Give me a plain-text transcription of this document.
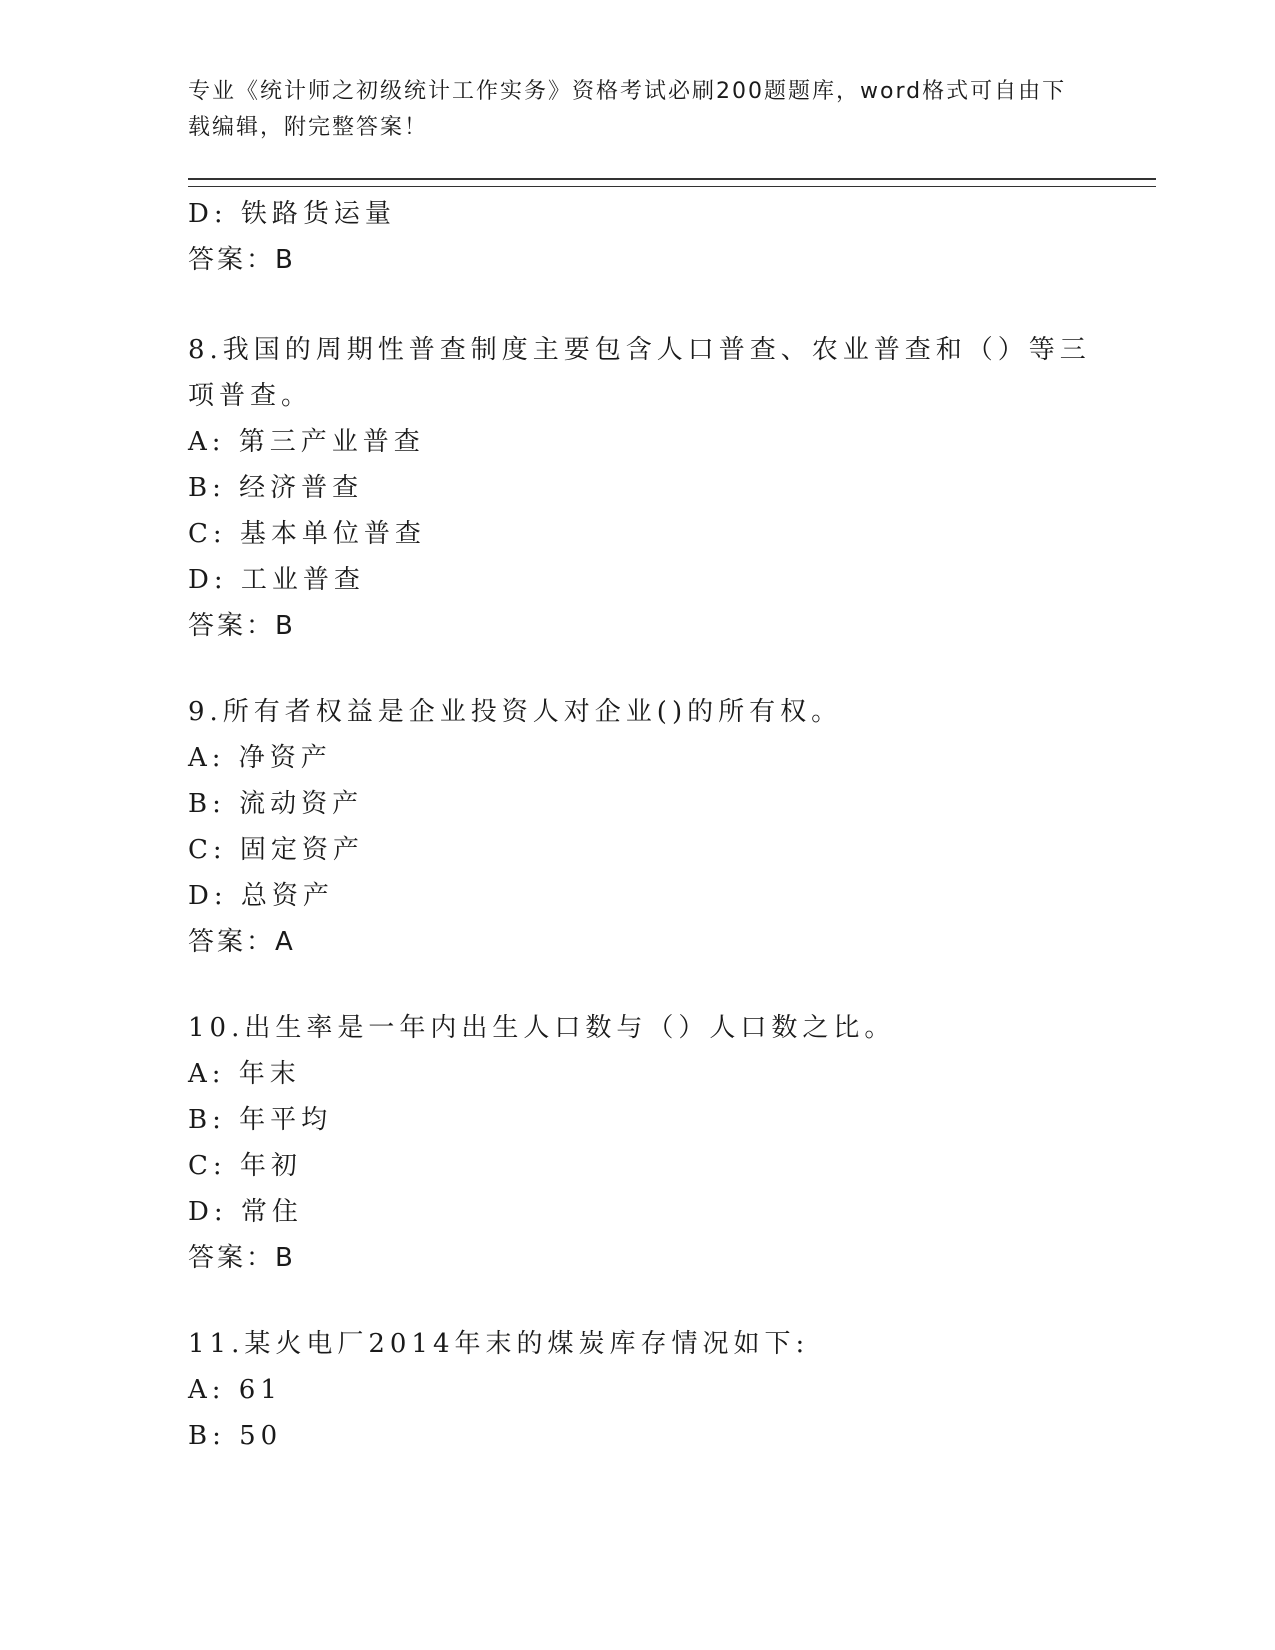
专业《统计师之初级统计工作实务》资格考试必刷200题题库，word格式可自由下载编辑，附完整答案！
D: 铁路货运量
答案：B
8.我国的周期性普查制度主要包含人口普查、农业普查和（）等三项普查。
A: 第三产业普查
B: 经济普查
C: 基本单位普查
D: 工业普查
答案：B
9.所有者权益是企业投资人对企业()的所有权。
A: 净资产
B: 流动资产
C: 固定资产
D: 总资产
答案：A
10.出生率是一年内出生人口数与（）人口数之比。
A: 年末
B: 年平均
C: 年初
D: 常住
答案：B
11.某火电厂2014年末的煤炭库存情况如下:
A: 61
B: 50
